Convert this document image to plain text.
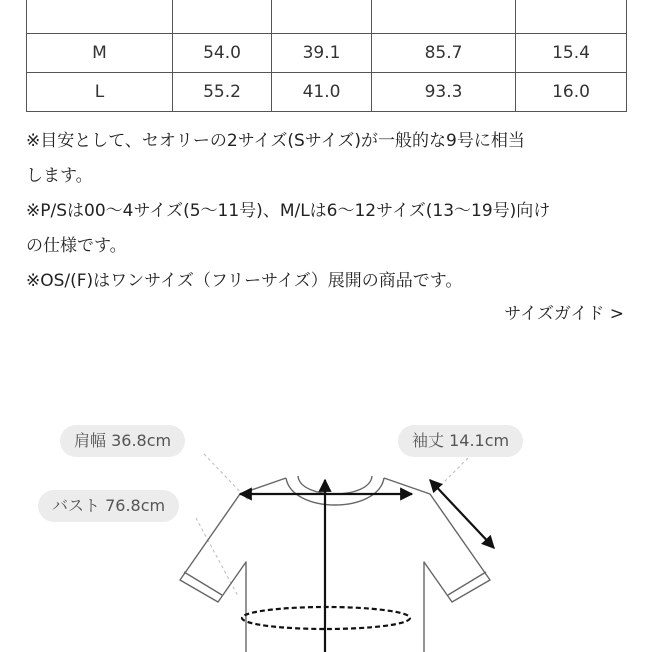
M	54.0	39.1	85.7	15.4
L	55.2	41.0	93.3	16.0
※目安として、セオリーの2サイズ(Sサイズ)が一般的な9号に相当
します。
※P/Sは00〜4サイズ(5〜11号)、M/Lは6〜12サイズ(13〜19号)向け
の仕様です。
※OS/(F)はワンサイズ（フリーサイズ）展開の商品です。
サイズガイド >
肩幅 36.8cm	袖丈 14.1cm
バスト 76.8cm
